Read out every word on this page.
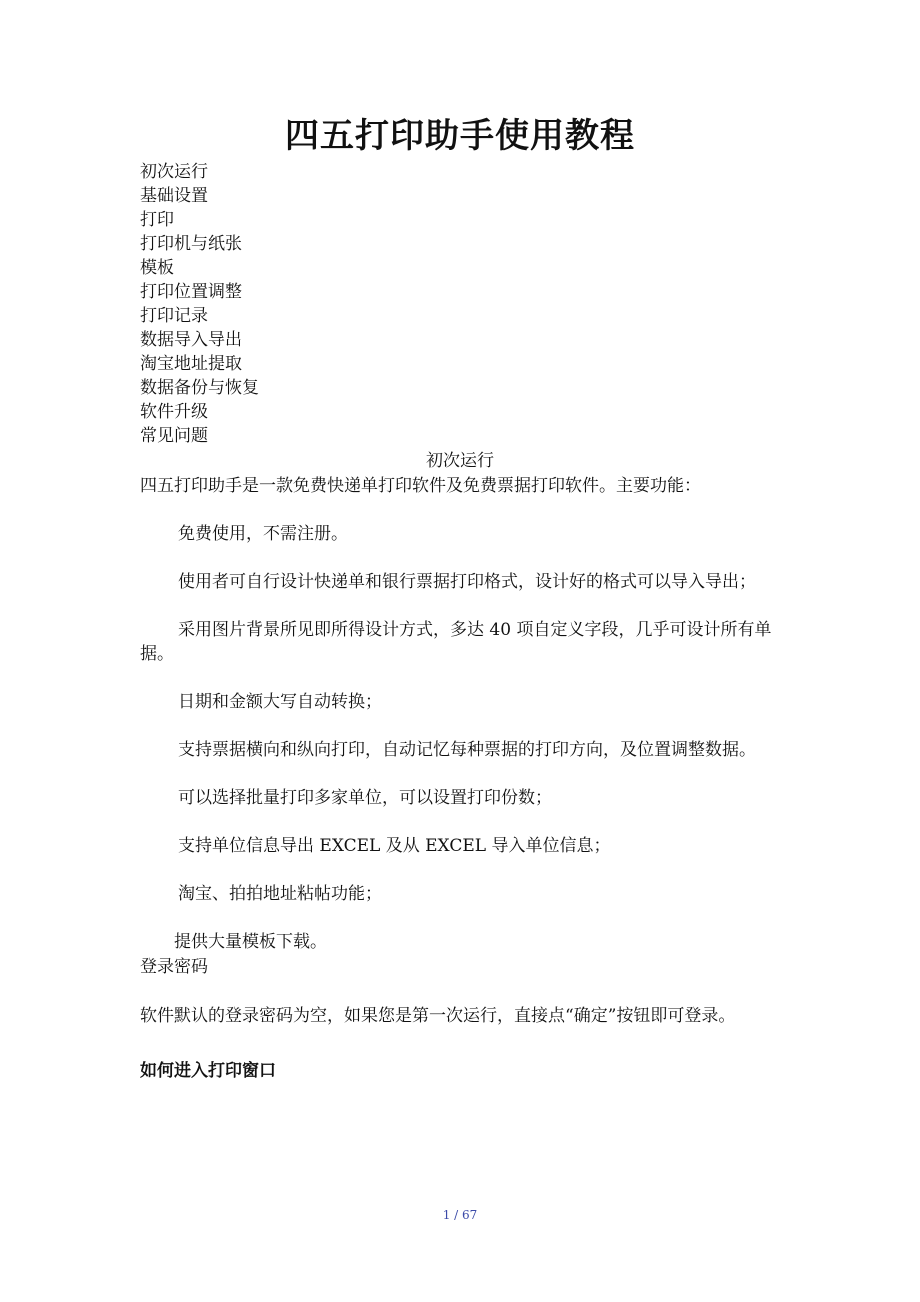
四五打印助手使用教程
初次运行
基础设置
打印
打印机与纸张
模板
打印位置调整
打印记录
数据导入导出
淘宝地址提取
数据备份与恢复
软件升级
常见问题
初次运行
四五打印助手是一款免费快递单打印软件及免费票据打印软件。主要功能：

免费使用，不需注册。

使用者可自行设计快递单和银行票据打印格式，设计好的格式可以导入导出；

采用图片背景所见即所得设计方式，多达 40 项自定义字段，几乎可设计所有单据。

日期和金额大写自动转换；

支持票据横向和纵向打印，自动记忆每种票据的打印方向，及位置调整数据。

可以选择批量打印多家单位，可以设置打印份数；

支持单位信息导出 EXCEL 及从 EXCEL 导入单位信息；

淘宝、拍拍地址粘帖功能；

提供大量模板下载。

登录密码
软件默认的登录密码为空，如果您是第一次运行，直接点“确定”按钮即可登录。
如何进入打印窗口
1 / 67
